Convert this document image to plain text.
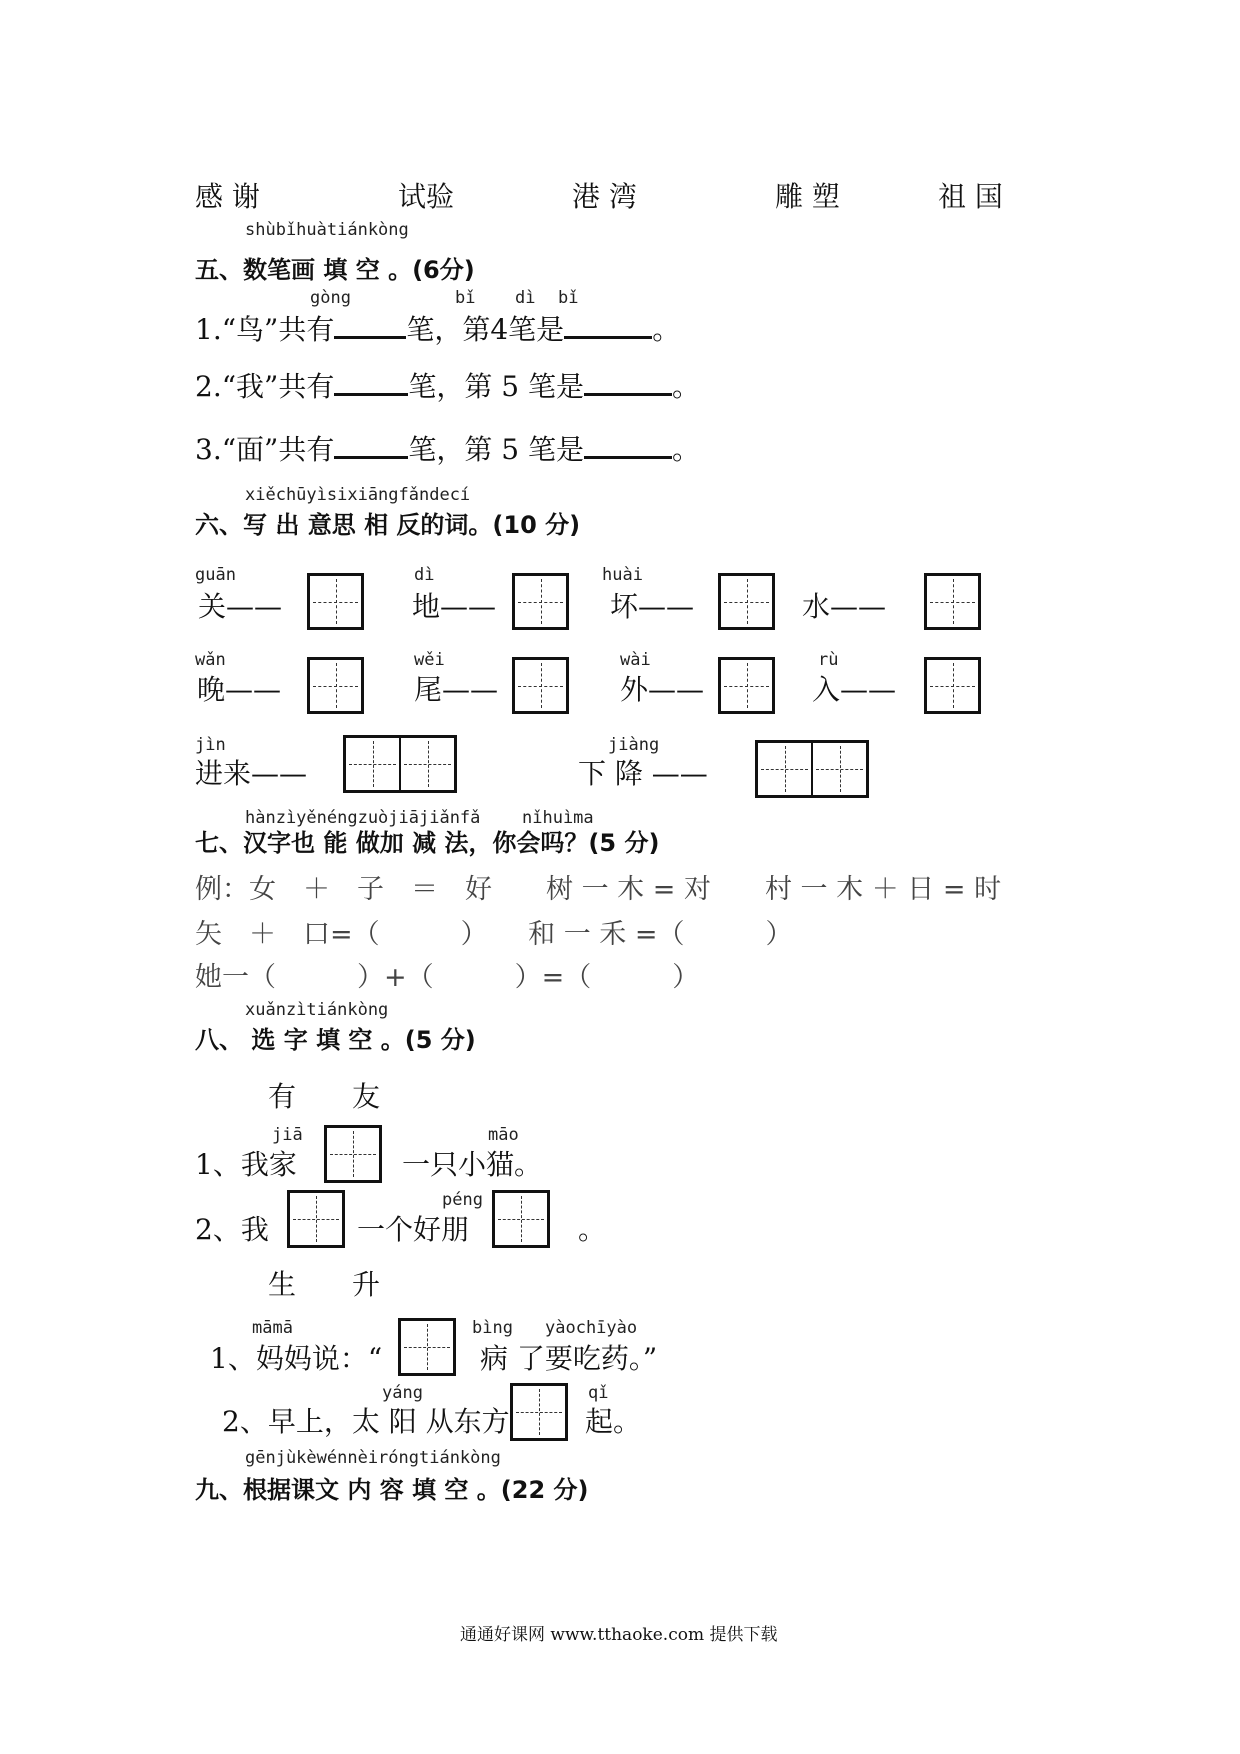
感 谢	试验	港 湾	雕 塑	祖 国
shùbǐhuàtiánkòng
五、数笔画 填 空 。(6分)
gòng	bǐ dì bǐ
1.“鸟”共有	笔，第4笔是	。
2.“我”共有	笔，第 5 笔是	。
3.“面”共有	笔，第 5 笔是	。
xiěchūyìsixiāngfǎndecí
六、写 出 意思 相 反的词。(10 分)
guān
关——
dì
地——
huài
坏——	水——
wǎn
晚——
wěi
尾——
wài
外——
rù
入——
jìn
进来——
jiàng
下 降 ——
hànzìyěnéngzuòjiājiǎnfǎ nǐhuìma
七、汉字也 能 做加 减 法，你会吗？(5 分)
例：女　＋　子　＝　好　　树 一 木 = 对　　村 一 木 ＋ 日 = 时
矢　＋　口=（　　　）　　和 一 禾 =（　　　）
她一（　　　）+（　　　）=（　　　）
xuǎnzìtiánkòng
八、 选 字 填 空 。(5 分)
有　　友
jiā	māo
1、我家	一只小猫。
péng
2、我	一个好朋	。
生　　升
māmā	bìng yàochīyào
1、妈妈说：“	病 了要吃药。”
yáng	qǐ
2、早上，太 阳 从东方	起。
gēnjùkèwénnèiróngtiánkòng
九、根据课文 内 容 填 空 。(22 分)
通通好课网 www.tthaoke.com 提供下载
